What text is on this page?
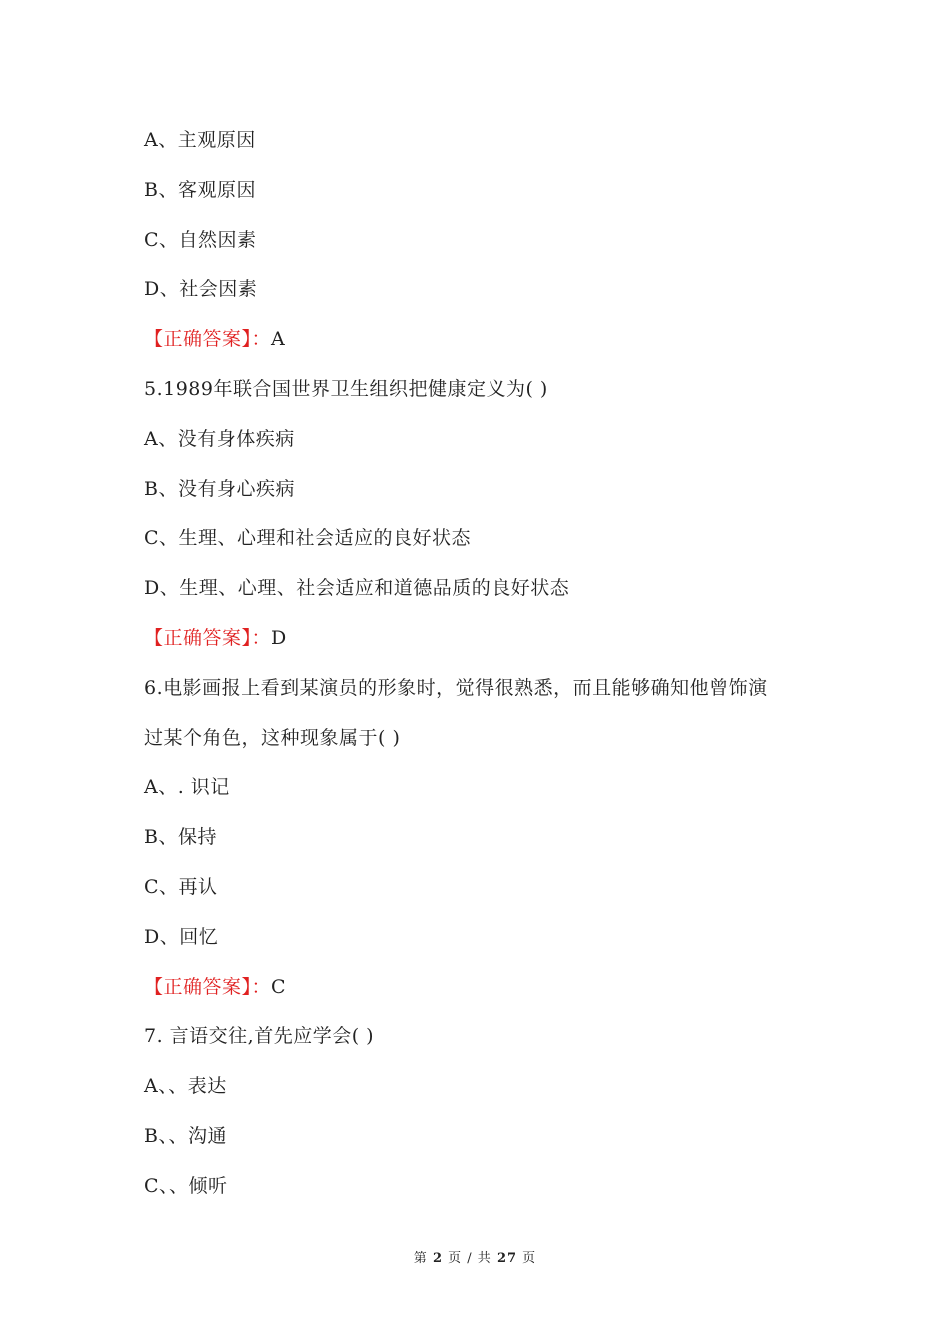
A、主观原因
B、客观原因
C、自然因素
D、社会因素
【正确答案】：A
5.1989年联合国世界卫生组织把健康定义为( )
A、没有身体疾病
B、没有身心疾病
C、生理、心理和社会适应的良好状态
D、生理、心理、社会适应和道德品质的良好状态
【正确答案】：D
6.电影画报上看到某演员的形象时，觉得很熟悉，而且能够确知他曾饰演
过某个角色，这种现象属于( )
A、. 识记
B、保持
C、再认
D、回忆
【正确答案】：C
7. 言语交往,首先应学会( )
A、、表达
B、、沟通
C、、倾听
第 2 页 / 共 27 页
